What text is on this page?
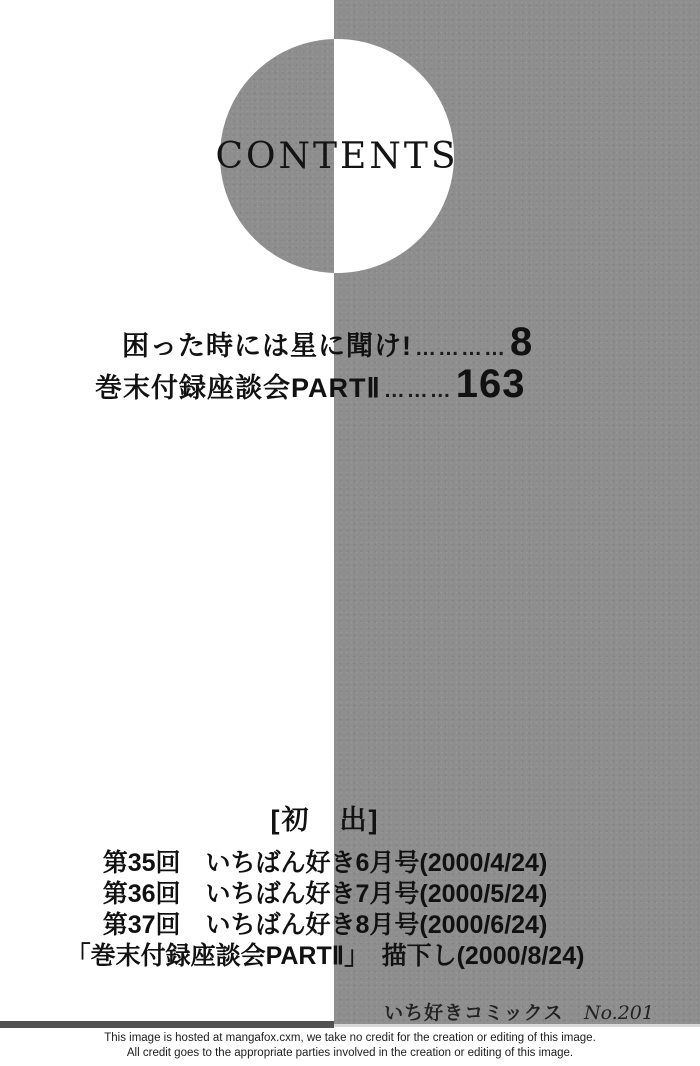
CONTENTS
困った時には星に聞け! ………… 8
巻末付録座談会PARTⅡ ……… 163
[初　出]
第35回　いちばん好き6月号(2000/4/24)
第36回　いちばん好き7月号(2000/5/24)
第37回　いちばん好き8月号(2000/6/24)
「巻末付録座談会PARTⅡ」　描下し(2000/8/24)
いち好きコミックス No.201
This image is hosted at mangafox.cxm, we take no credit for the creation or editing of this image.
All credit goes to the appropriate parties involved in the creation or editing of this image.
